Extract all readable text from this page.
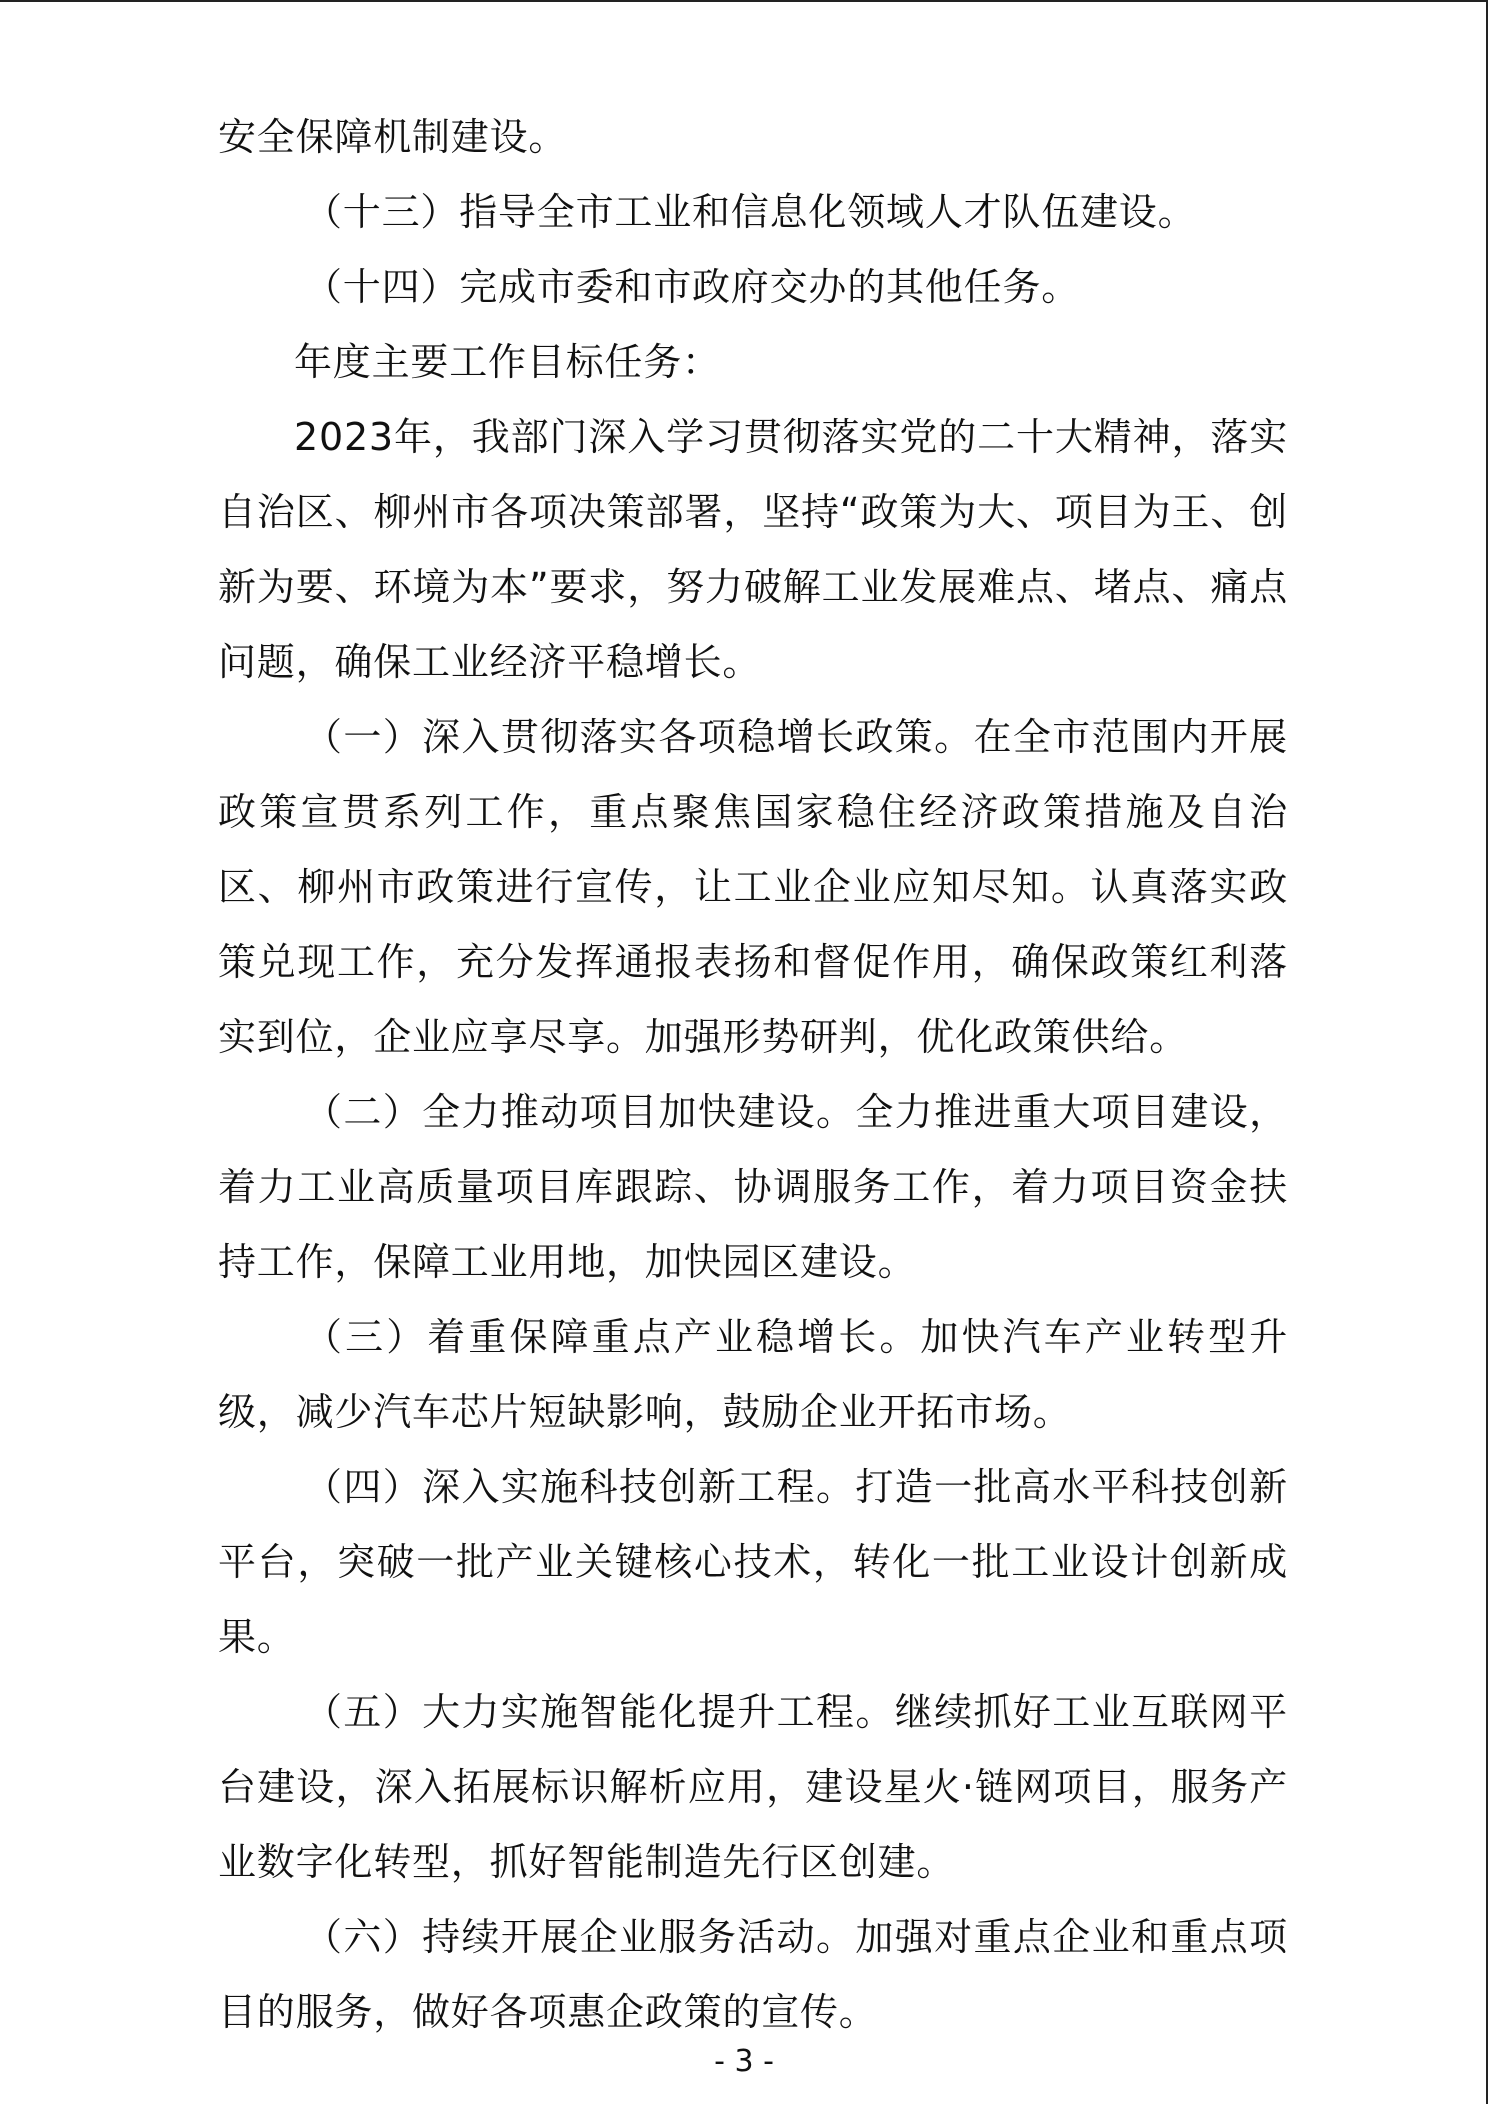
安全保障机制建设。

（十三）指导全市工业和信息化领域人才队伍建设。

（十四）完成市委和市政府交办的其他任务。

年度主要工作目标任务：

2023年，我部门深入学习贯彻落实党的二十大精神，落实自治区、柳州市各项决策部署，坚持“政策为大、项目为王、创新为要、环境为本”要求，努力破解工业发展难点、堵点、痛点问题，确保工业经济平稳增长。

（一）深入贯彻落实各项稳增长政策。在全市范围内开展政策宣贯系列工作，重点聚焦国家稳住经济政策措施及自治区、柳州市政策进行宣传，让工业企业应知尽知。认真落实政策兑现工作，充分发挥通报表扬和督促作用，确保政策红利落实到位，企业应享尽享。加强形势研判，优化政策供给。

（二）全力推动项目加快建设。全力推进重大项目建设，着力工业高质量项目库跟踪、协调服务工作，着力项目资金扶持工作，保障工业用地，加快园区建设。

（三）着重保障重点产业稳增长。加快汽车产业转型升级，减少汽车芯片短缺影响，鼓励企业开拓市场。

（四）深入实施科技创新工程。打造一批高水平科技创新平台，突破一批产业关键核心技术，转化一批工业设计创新成果。

（五）大力实施智能化提升工程。继续抓好工业互联网平台建设，深入拓展标识解析应用，建设星火·链网项目，服务产业数字化转型，抓好智能制造先行区创建。

（六）持续开展企业服务活动。加强对重点企业和重点项目的服务，做好各项惠企政策的宣传。

- 3 -
